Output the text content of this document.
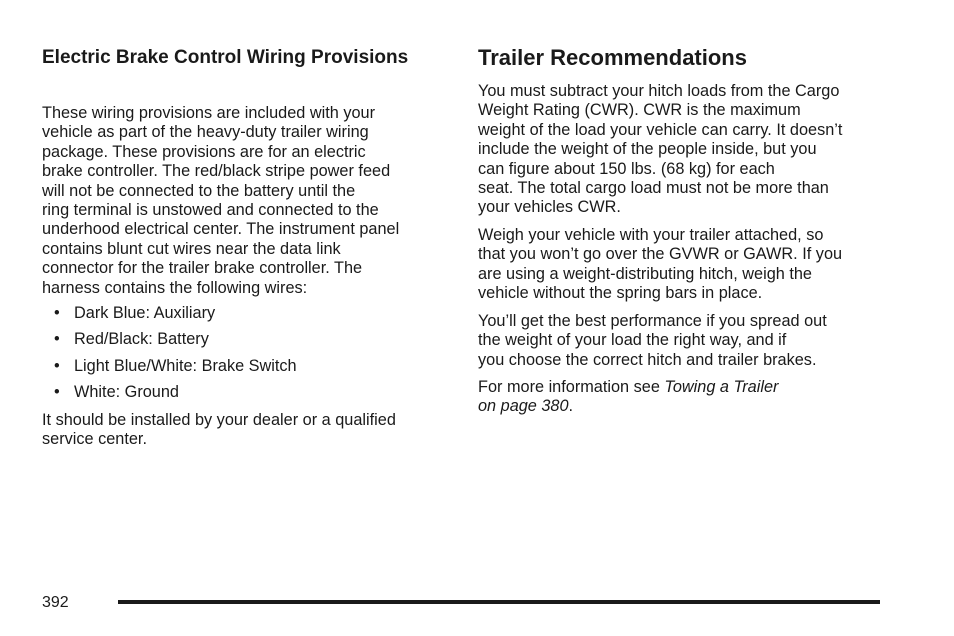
Electric Brake Control Wiring Provisions
These wiring provisions are included with your
vehicle as part of the heavy-duty trailer wiring
package. These provisions are for an electric
brake controller. The red/black stripe power feed
will not be connected to the battery until the
ring terminal is unstowed and connected to the
underhood electrical center. The instrument panel
contains blunt cut wires near the data link
connector for the trailer brake controller. The
harness contains the following wires:
• Dark Blue: Auxiliary
• Red/Black: Battery
• Light Blue/White: Brake Switch
• White: Ground
It should be installed by your dealer or a qualified
service center.
Trailer Recommendations
You must subtract your hitch loads from the Cargo
Weight Rating (CWR). CWR is the maximum
weight of the load your vehicle can carry. It doesn’t
include the weight of the people inside, but you
can figure about 150 lbs. (68 kg) for each
seat. The total cargo load must not be more than
your vehicles CWR.
Weigh your vehicle with your trailer attached, so
that you won’t go over the GVWR or GAWR. If you
are using a weight-distributing hitch, weigh the
vehicle without the spring bars in place.
You’ll get the best performance if you spread out
the weight of your load the right way, and if
you choose the correct hitch and trailer brakes.
For more information see Towing a Trailer
on page 380.
392
